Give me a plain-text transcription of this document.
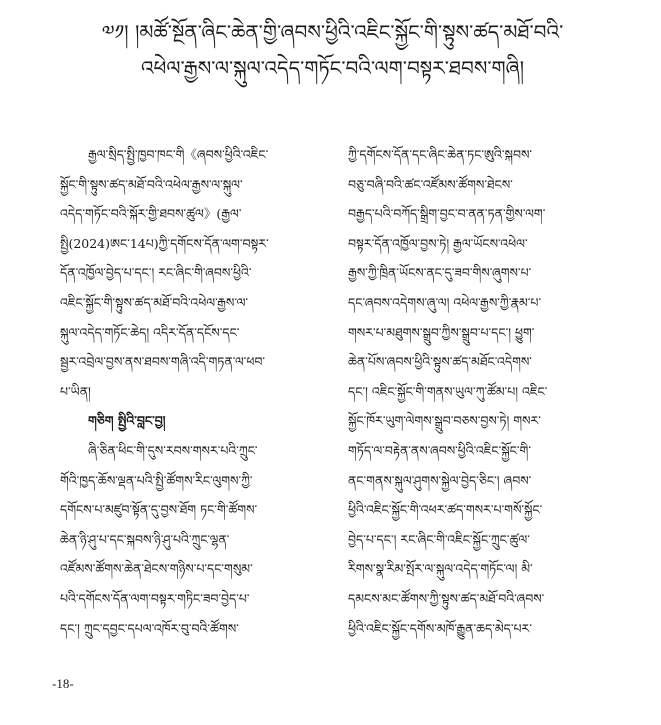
༧༡། །མཚོ་སྔོན་ཞིང་ཆེན་གྱི་ཞབས་ཕྱིའི་འཇིང་སྐྱོང་གི་སྟུས་ཚད་མཐོ་བའི་
འཕེལ་རྒྱས་ལ་སྐུལ་འདེད་གཏོང་བའི་ལག་བསྟར་ཐབས་གཞི།
རྒྱལ་སྲིད་སྤྱི་ཁྱབ་ཁང་གི《ཞབས་ཕྱིའི་འཇིང་
སྐྱོང་གི་སྟུས་ཚད་མཐོ་བའི་འཕེལ་རྒྱས་ལ་སྐུལ་
འདེད་གཏོང་བའི་སྐོར་གྱི་ཐབས་ཚུལ》(རྒྱལ་
སྤྱི(2024)ཨང་14པ)ཀྱི་དགོངས་དོན་ལག་བསྟར་
དོན་འཁྱོལ་བྱེད་པ་དང་། རང་ཞིང་གི་ཞབས་ཕྱིའི་
འཇིང་སྐྱོང་གི་སྟུས་ཚད་མཐོ་བའི་འཕེལ་རྒྱས་ལ་
སྐུལ་འདེད་གཏོང་ཆེད། འདིར་དོན་དངོས་དང་
སྦྱར་འབྲེལ་བྱས་ནས་ཐབས་གཞི་འདི་གཏན་ལ་ཕབ་
པ་ཡིན།
གཅིག སྤྱིའི་བླང་བྱ།
ཞི་ཅིན་ཕིང་གི་དུས་རབས་གསར་པའི་ཀྲུང་
གོའི་ཁྱད་ཆོས་ལྡན་པའི་སྤྱི་ཚོགས་རིང་ལུགས་ཀྱི་
དགོངས་པ་མཛུབ་སྟོན་དུ་བྱས་ཐོག ཏང་གི་ཚོགས་
ཆེན་ཉི་ཤུ་པ་དང་སྐབས་ཉི་ཤུ་པའི་ཀྲུང་ལྷན་
འཛོམས་ཚོགས་ཆེན་ཐེངས་གཉིས་པ་དང་གསུམ་
པའི་དགོངས་དོན་ལག་བསྟར་གཏིང་ཟབ་བྱེད་པ་
དང་། ཀྲུང་དབྱང་དཔལ་འཁོར་བུ་བའི་ཚོགས་
ཀྱི་དགོངས་དོན་དང་ཞིང་ཆེན་ཏང་ཨུའི་སྐབས་
བཅུ་བཞི་བའི་ཚང་འཛོམས་ཚོགས་ཐེངས་
བརྒྱད་པའི་བཀོད་སྒྲིག་བྱང་བ་ནན་ཏན་གྱིས་ལག་
བསྟར་དོན་འཁྱོལ་བྱས་ཏེ། རྒྱལ་ཡོངས་འཕེལ་
རྒྱས་ཀྱི་ཁྲིན་ཡོངས་ནང་དུ་ཟབ་གིས་ཞུགས་པ་
དང་ཞབས་འདེགས་ཞུ་ལ། འཕེལ་རྒྱས་ཀྱི་རྣམ་པ་
གསར་པ་མཐུགས་སྒྲུབ་ཀྱིས་སྒྲུབ་པ་དང་། ཕྱུག་
ཆེན་པོས་ཞབས་ཕྱིའི་སྟུས་ཚད་མཐོང་འདེགས་
དང་། འཇིང་སྐྱོང་གི་གནས་ཡུལ་ཀུ་ཚོམ་པ། འཇིང་
སྐྱོང་ཁོར་ཡུག་ལེགས་སྒྲུབ་བཅས་བྱས་ཏེ། གསར་
གཏོད་ལ་བརྟེན་ནས་ཞབས་ཕྱིའི་འཇིང་སྐྱོང་གི་
ནང་གནས་སྐུལ་ཤུགས་སྐྱེལ་བྱེད་ཅིང་། ཞབས་
ཕྱིའི་འཇིང་སྐྱོང་གི་འཕར་ཚད་གསར་པ་གསོ་སྐྱོང་
བྱེད་པ་དང་། རང་ཞིང་གི་འཇིང་སྐྱོང་ཀྲུང་ཚུལ་
རིགས་སྣ་རིམ་སྤོར་ལ་སྐུལ་འདེད་གཏོང་ལ། མི་
དམངས་མང་ཚོགས་ཀྱི་སྟུས་ཚད་མཐོ་བའི་ཞབས་
ཕྱིའི་འཇིང་སྐྱོང་དགོས་མཁོ་རྒྱུན་ཆད་མེད་པར་
-18-
